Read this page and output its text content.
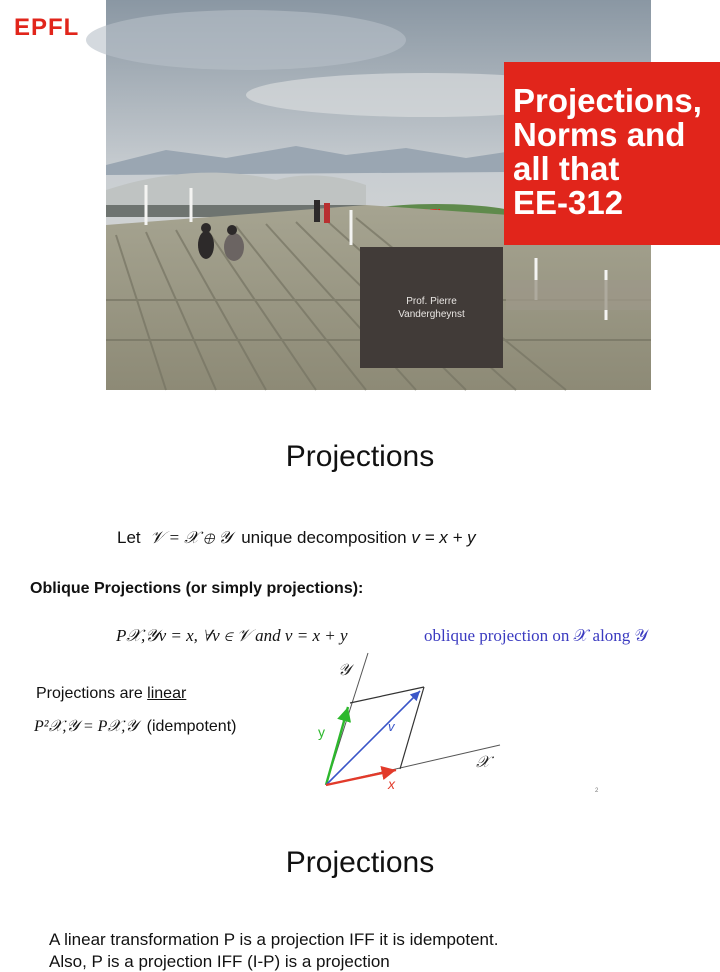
EPFL
Projections,
Norms and
all that
EE-312
Prof. Pierre
Vandergheynst
Projections
Let 𝒱 = 𝒳 ⊕ 𝒴 unique decomposition v = x + y
Oblique Projections (or simply projections):
P𝒳,𝒴v = x, ∀v ∈ 𝒱 and v = x + y	oblique projection on 𝒳 along 𝒴
Projections are linear
P²𝒳,𝒴 = P𝒳,𝒴 (idempotent)
𝒴
𝒳
y	v
x	2
Projections
A linear transformation P is a projection IFF it is idempotent.
Also, P is a projection IFF (I-P) is a projection
